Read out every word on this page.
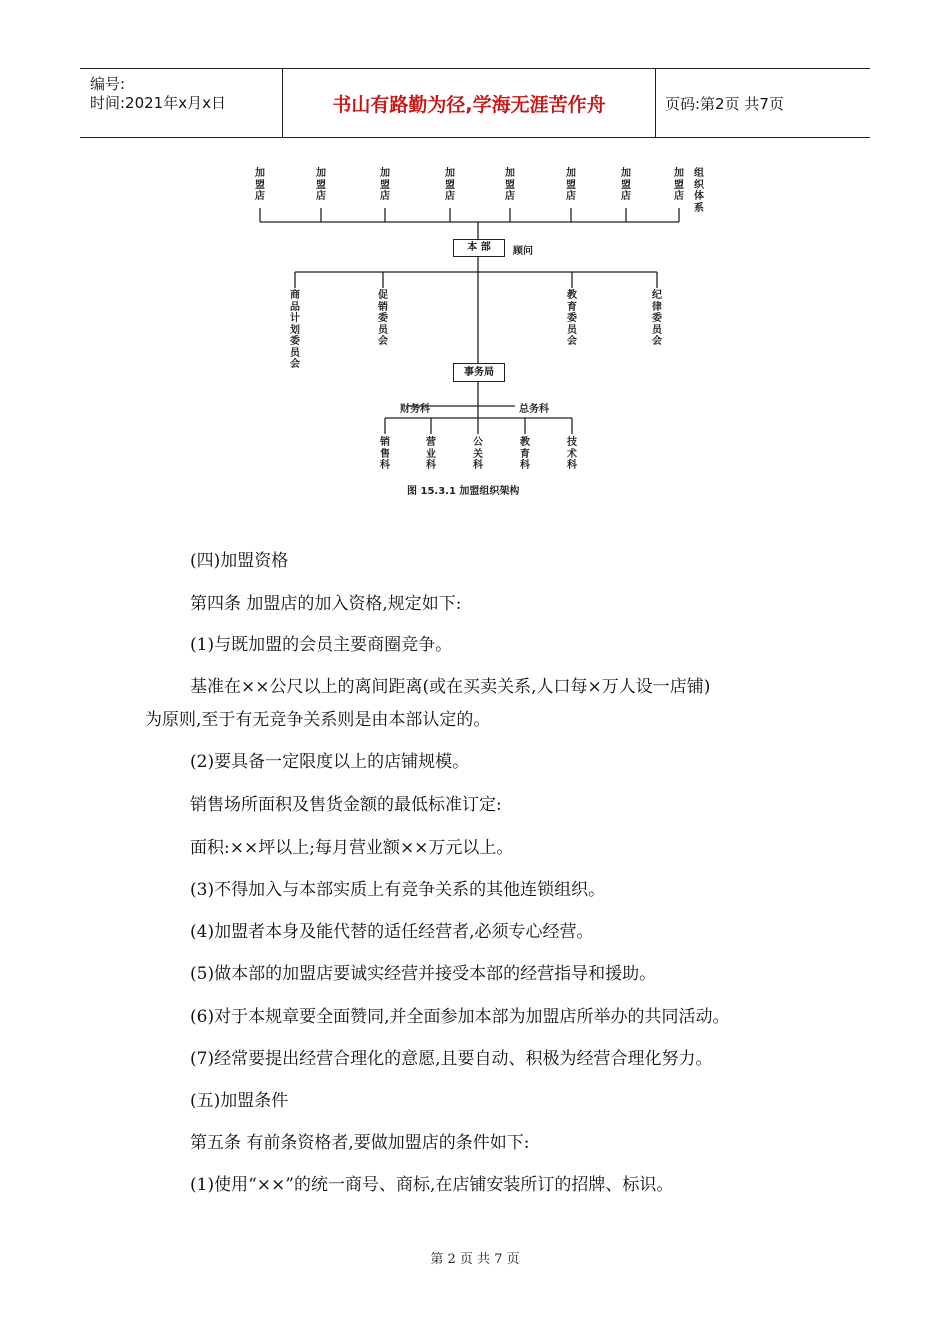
编号:
时间:2021年x月x日	书山有路勤为径,学海无涯苦作舟	页码:第2页 共7页
加盟店
加盟店
加盟店
加盟店
加盟店
加盟店
加盟店
加盟店
组织体系
本 部	顾问
商品计划委员会
促销委员会
教育委员会
纪律委员会
事务局
财务科	总务科
销售科
营业科
公关科
教育科
技术科
图 15.3.1 加盟组织架构
(四)加盟资格
第四条 加盟店的加入资格,规定如下:
(1)与既加盟的会员主要商圈竞争。
基准在××公尺以上的离间距离(或在买卖关系,人口每×万人设一店铺)
为原则,至于有无竞争关系则是由本部认定的。
(2)要具备一定限度以上的店铺规模。
销售场所面积及售货金额的最低标准订定:
面积:××坪以上;每月营业额××万元以上。
(3)不得加入与本部实质上有竞争关系的其他连锁组织。
(4)加盟者本身及能代替的适任经营者,必须专心经营。
(5)做本部的加盟店要诚实经营并接受本部的经营指导和援助。
(6)对于本规章要全面赞同,并全面参加本部为加盟店所举办的共同活动。
(7)经常要提出经营合理化的意愿,且要自动、积极为经营合理化努力。
(五)加盟条件
第五条 有前条资格者,要做加盟店的条件如下:
(1)使用“××”的统一商号、商标,在店铺安装所订的招牌、标识。
第 2 页 共 7 页
